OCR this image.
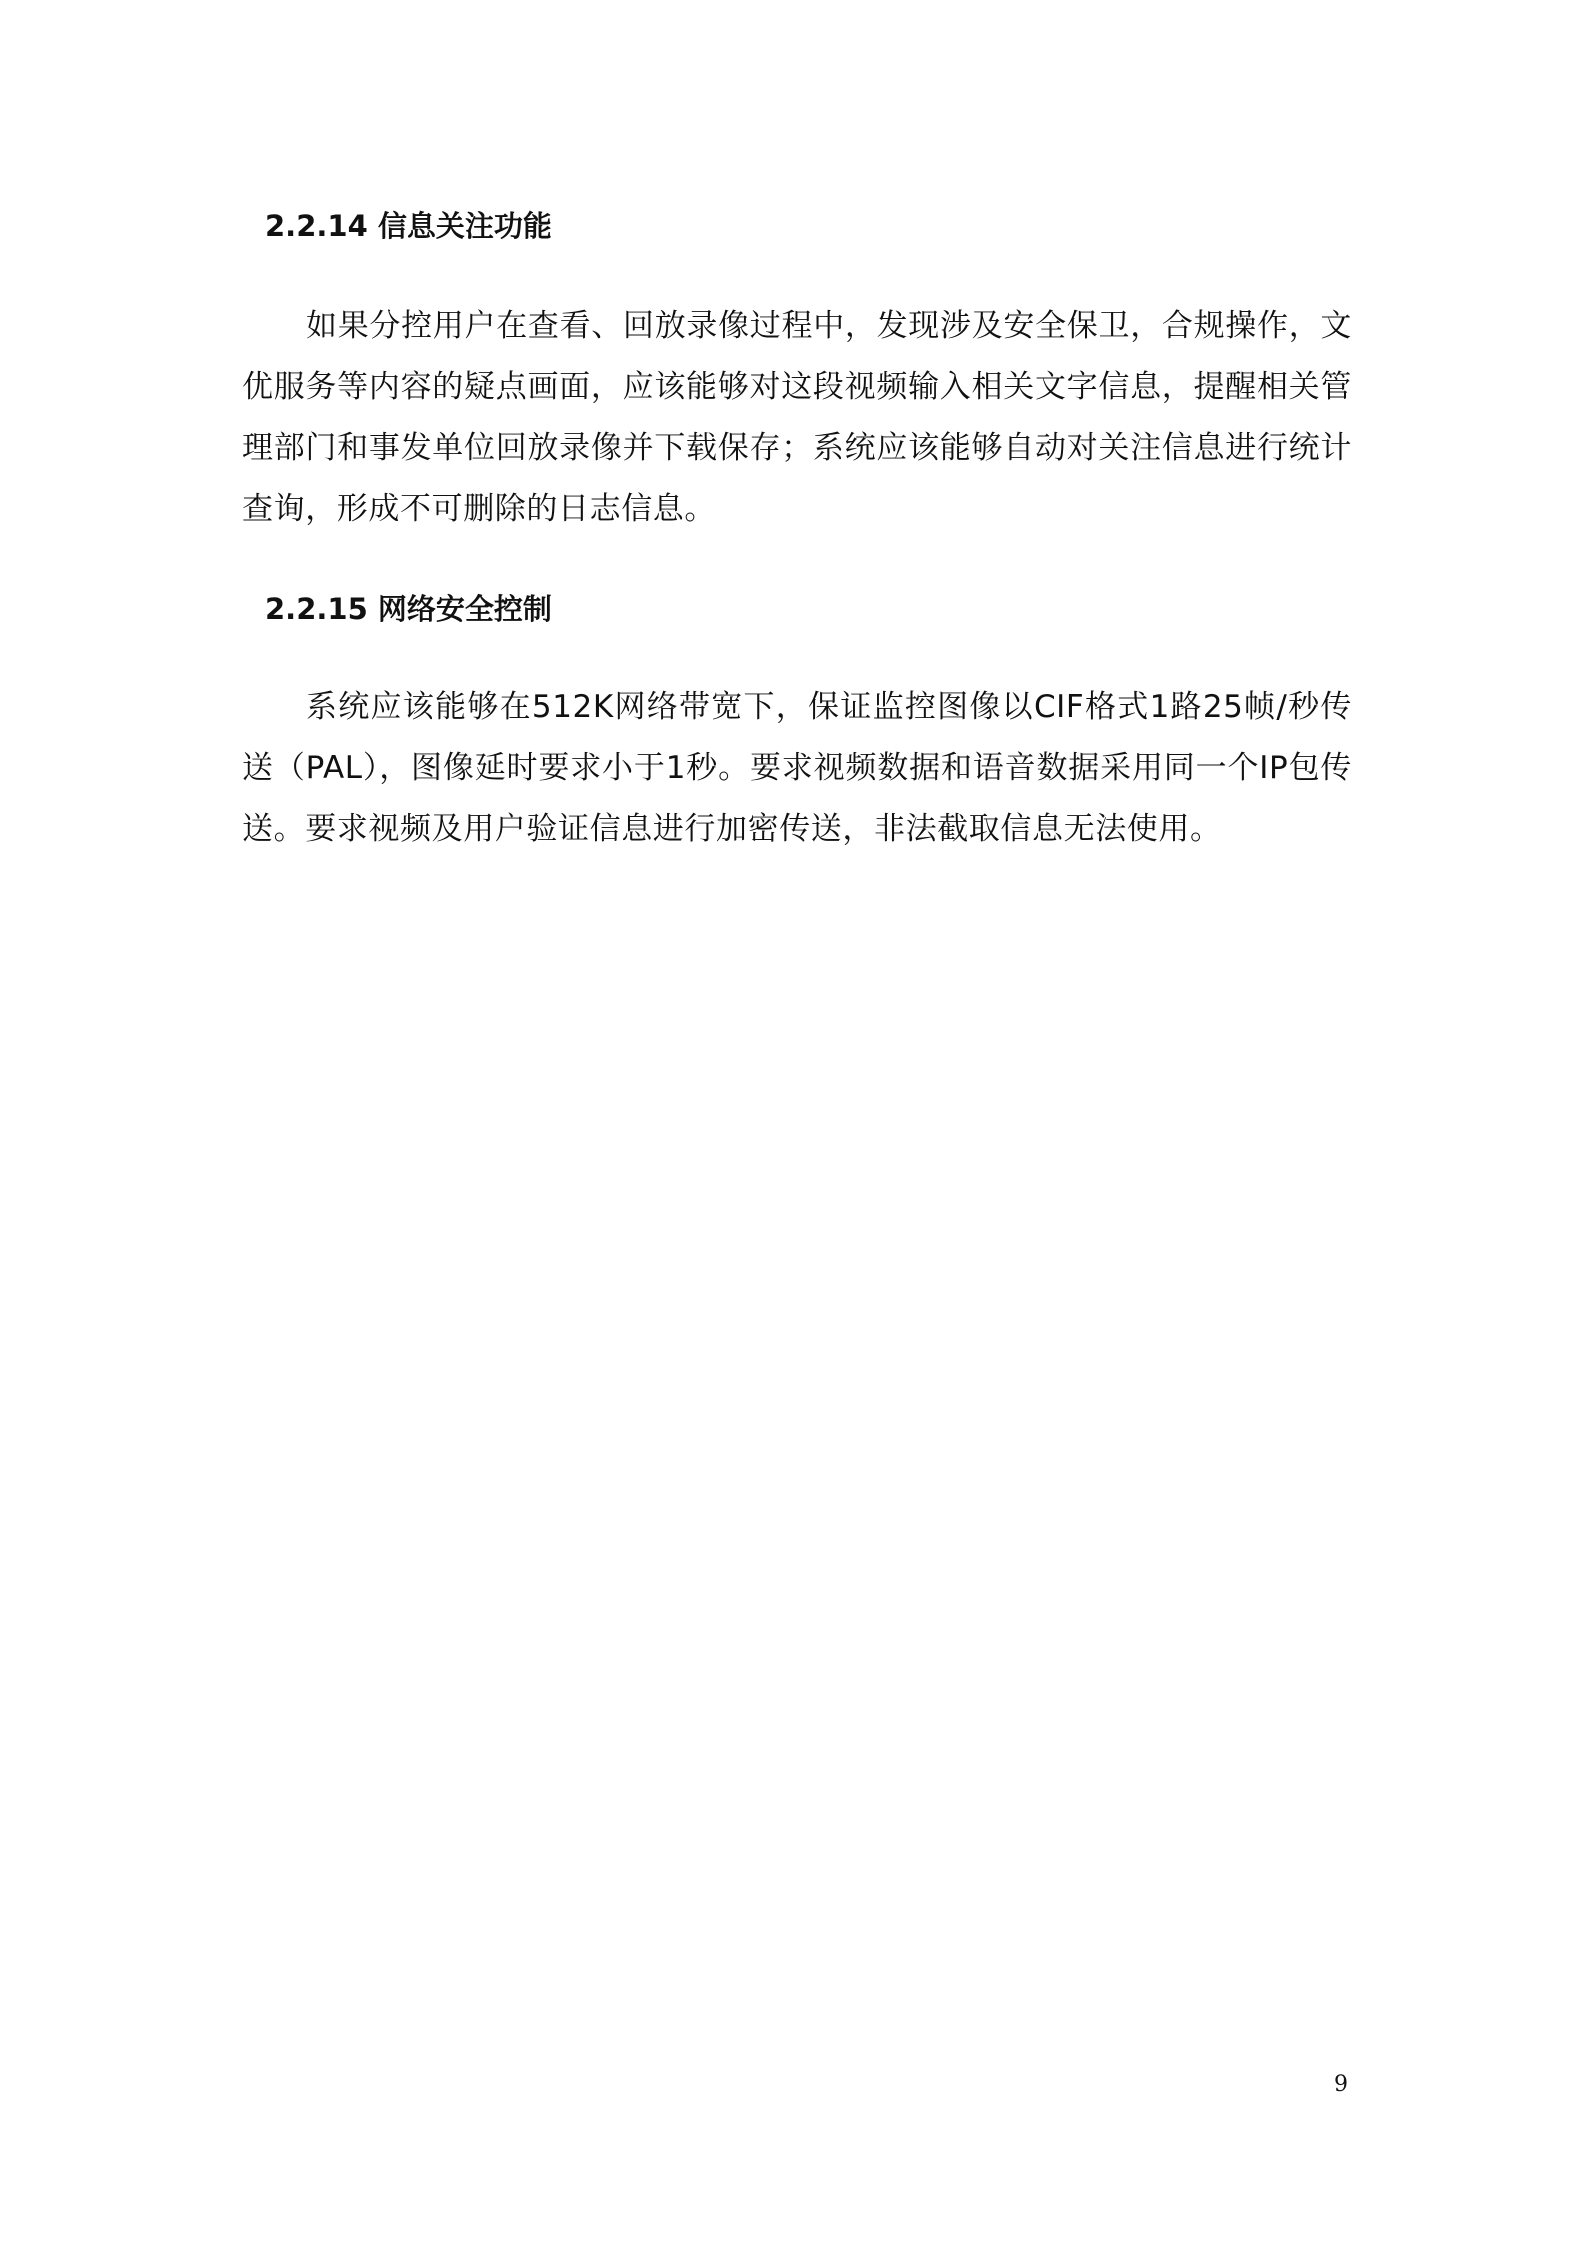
2.2.14 信息关注功能
如果分控用户在查看、回放录像过程中，发现涉及安全保卫，合规操作，文优服务等内容的疑点画面，应该能够对这段视频输入相关文字信息，提醒相关管理部门和事发单位回放录像并下载保存；系统应该能够自动对关注信息进行统计查询，形成不可删除的日志信息。
2.2.15 网络安全控制
系统应该能够在512K网络带宽下，保证监控图像以CIF格式1路25帧/秒传送（PAL），图像延时要求小于1秒。要求视频数据和语音数据采用同一个IP包传送。要求视频及用户验证信息进行加密传送，非法截取信息无法使用。
9
